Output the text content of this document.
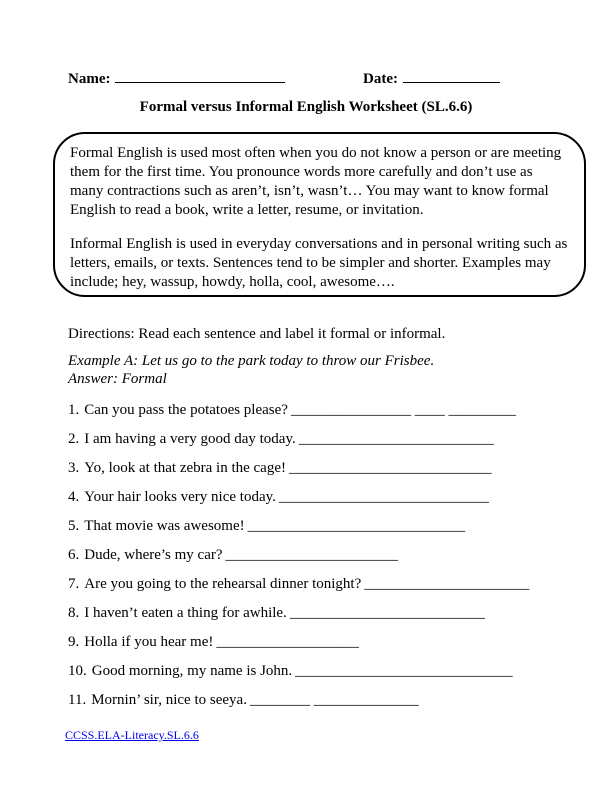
Name:	Date:
Formal versus Informal English Worksheet (SL.6.6)

Formal English is used most often when you do not know a person or are meeting them for the first time. You pronounce words more carefully and don’t use as many contractions such as aren’t, isn’t, wasn’t… You may want to know formal English to read a book, write a letter, resume, or invitation.

Informal English is used in everyday conversations and in personal writing such as letters, emails, or texts. Sentences tend to be simpler and shorter. Examples may include; hey, wassup, howdy, holla, cool, awesome….

Directions: Read each sentence and label it formal or informal.
Example A: Let us go to the park today to throw our Frisbee.
Answer: Formal
1. Can you pass the potatoes please? ________________ ____ _________
2. I am having a very good day today. __________________________
3. Yo, look at that zebra in the cage! ___________________________
4. Your hair looks very nice today. ____________________________
5. That movie was awesome! _____________________________
6. Dude, where’s my car? _______________________
7. Are you going to the rehearsal dinner tonight? ______________________
8. I haven’t eaten a thing for awhile. __________________________
9. Holla if you hear me! ___________________
10. Good morning, my name is John. _____________________________
11. Mornin’ sir, nice to seeya. ________ ______________
CCSS.ELA-Literacy.SL.6.6
